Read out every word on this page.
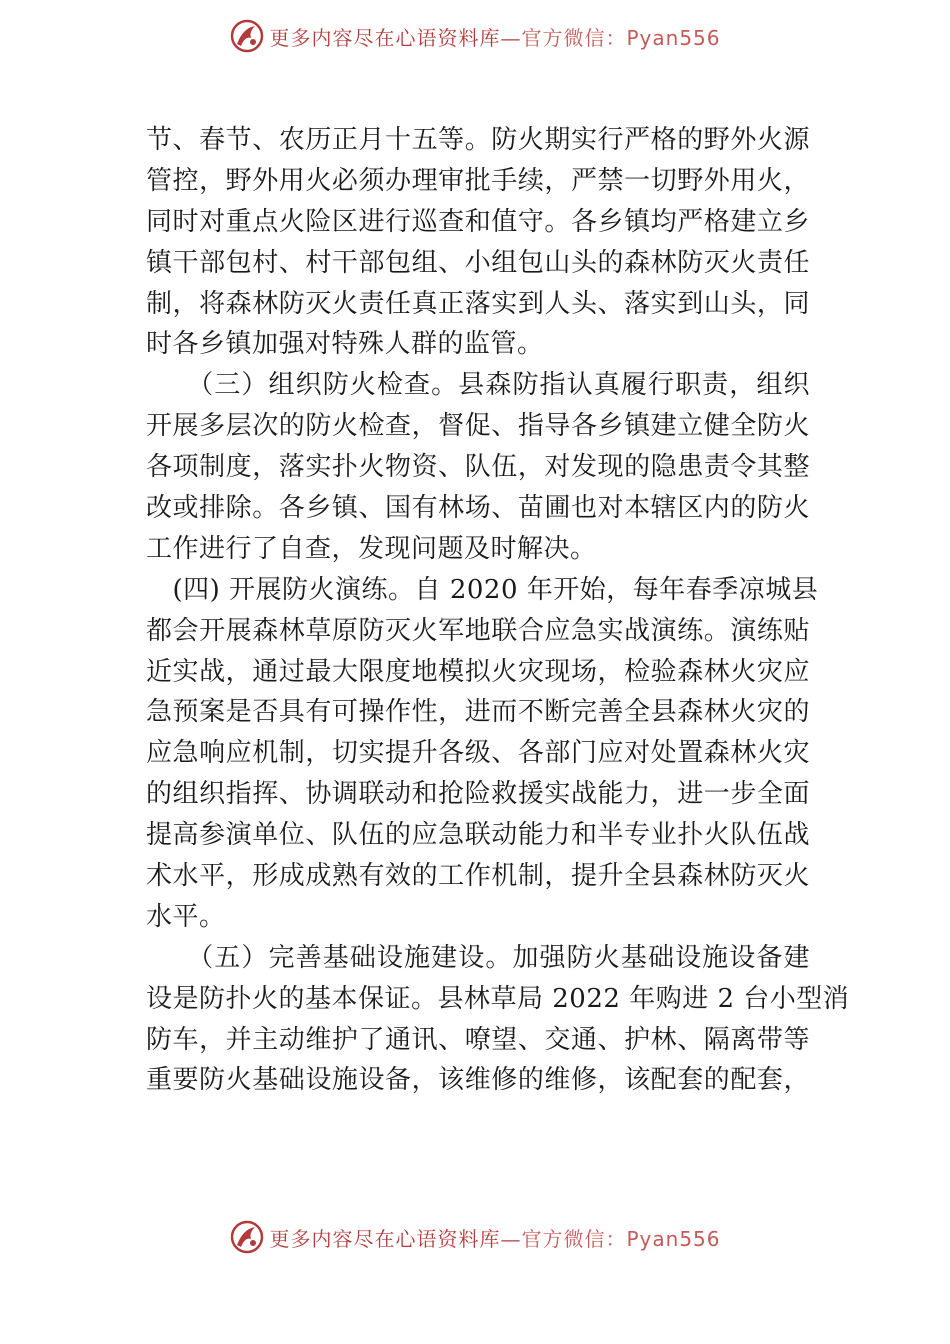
更多内容尽在心语资料库—官方微信：Pyan556
节、春节、农历正月十五等。防火期实行严格的野外火源
管控，野外用火必须办理审批手续，严禁一切野外用火，
同时对重点火险区进行巡查和值守。各乡镇均严格建立乡
镇干部包村、村干部包组、小组包山头的森林防灭火责任
制，将森林防灭火责任真正落实到人头、落实到山头，同
时各乡镇加强对特殊人群的监管。
　　（三）组织防火检查。县森防指认真履行职责，组织
开展多层次的防火检查，督促、指导各乡镇建立健全防火
各项制度，落实扑火物资、队伍，对发现的隐患责令其整
改或排除。各乡镇、国有林场、苗圃也对本辖区内的防火
工作进行了自查，发现问题及时解决。
　(四) 开展防火演练。自 2020 年开始，每年春季凉城县
都会开展森林草原防灭火军地联合应急实战演练。演练贴
近实战，通过最大限度地模拟火灾现场，检验森林火灾应
急预案是否具有可操作性，进而不断完善全县森林火灾的
应急响应机制，切实提升各级、各部门应对处置森林火灾
的组织指挥、协调联动和抢险救援实战能力，进一步全面
提高参演单位、队伍的应急联动能力和半专业扑火队伍战
术水平，形成成熟有效的工作机制，提升全县森林防灭火
水平。
　　（五）完善基础设施建设。加强防火基础设施设备建
设是防扑火的基本保证。县林草局 2022 年购进 2 台小型消
防车，并主动维护了通讯、嘹望、交通、护林、隔离带等
重要防火基础设施设备，该维修的维修，该配套的配套，
更多内容尽在心语资料库—官方微信：Pyan556
